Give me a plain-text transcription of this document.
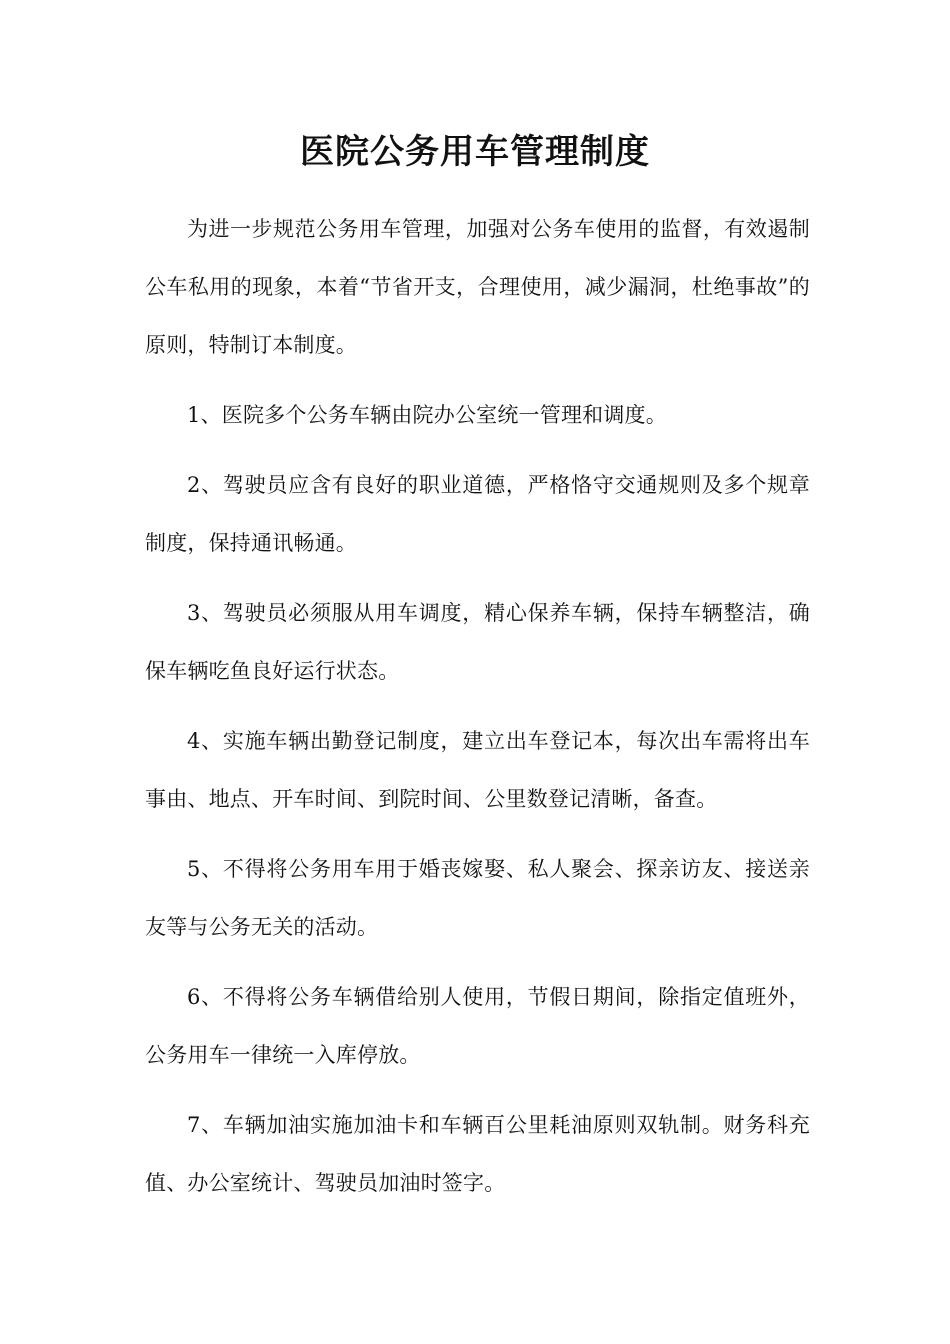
医院公务用车管理制度

为进一步规范公务用车管理，加强对公务车使用的监督，有效遏制公车私用的现象，本着“节省开支，合理使用，减少漏洞，杜绝事故”的原则，特制订本制度。

1、医院多个公务车辆由院办公室统一管理和调度。

2、驾驶员应含有良好的职业道德，严格恪守交通规则及多个规章制度，保持通讯畅通。

3、驾驶员必须服从用车调度，精心保养车辆，保持车辆整洁，确保车辆吃鱼良好运行状态。

4、实施车辆出勤登记制度，建立出车登记本，每次出车需将出车事由、地点、开车时间、到院时间、公里数登记清晰，备查。

5、不得将公务用车用于婚丧嫁娶、私人聚会、探亲访友、接送亲友等与公务无关的活动。

6、不得将公务车辆借给别人使用，节假日期间，除指定值班外，公务用车一律统一入库停放。

7、车辆加油实施加油卡和车辆百公里耗油原则双轨制。财务科充值、办公室统计、驾驶员加油时签字。
